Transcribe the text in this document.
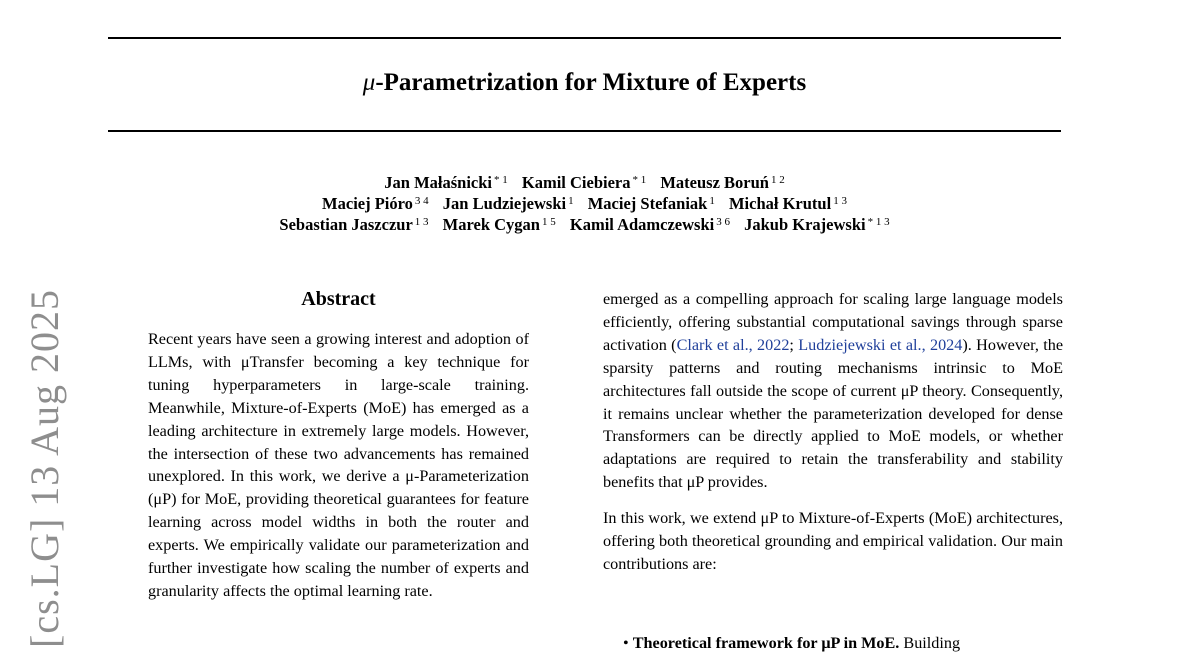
μ-Parametrization for Mixture of Experts
Jan Małaśnicki $^{* 1}$ Kamil Ciebiera $^{* 1}$ Mateusz Boruń $^{1 2}$
Maciej Pióro $^{3 4}$ Jan Ludziejewski $^1$ Maciej Stefaniak $^1$ Michał Krutul $^{1 3}$
Sebastian Jaszczur $^{1 3}$ Marek Cygan $^{1 5}$ Kamil Adamczewski $^{3 6}$ Jakub Krajewski $^{* 1 3}$
[cs.LG] 13 Aug 2025	Abstract
Recent years have seen a growing interest and adoption of LLMs, with μTransfer becoming a key technique for tuning hyperparameters in large-scale training. Meanwhile, Mixture-of-Experts (MoE) has emerged as a leading architecture in extremely large models. However, the intersection of these two advancements has remained unexplored. In this work, we derive a μ-Parameterization (μP) for MoE, providing theoretical guarantees for feature learning across model widths in both the router and experts. We empirically validate our parameterization and further investigate how scaling the number of experts and granularity affects the optimal learning rate.

emerged as a compelling approach for scaling large language models efficiently, offering substantial computational savings through sparse activation (Clark et al., 2022; Ludziejewski et al., 2024). However, the sparsity patterns and routing mechanisms intrinsic to MoE architectures fall outside the scope of current μP theory. Consequently, it remains unclear whether the parameterization developed for dense Transformers can be directly applied to MoE models, or whether adaptations are required to retain the transferability and stability benefits that μP provides.

In this work, we extend μP to Mixture-of-Experts (MoE) architectures, offering both theoretical grounding and empirical validation. Our main contributions are:

• Theoretical framework for μP in MoE. Building
